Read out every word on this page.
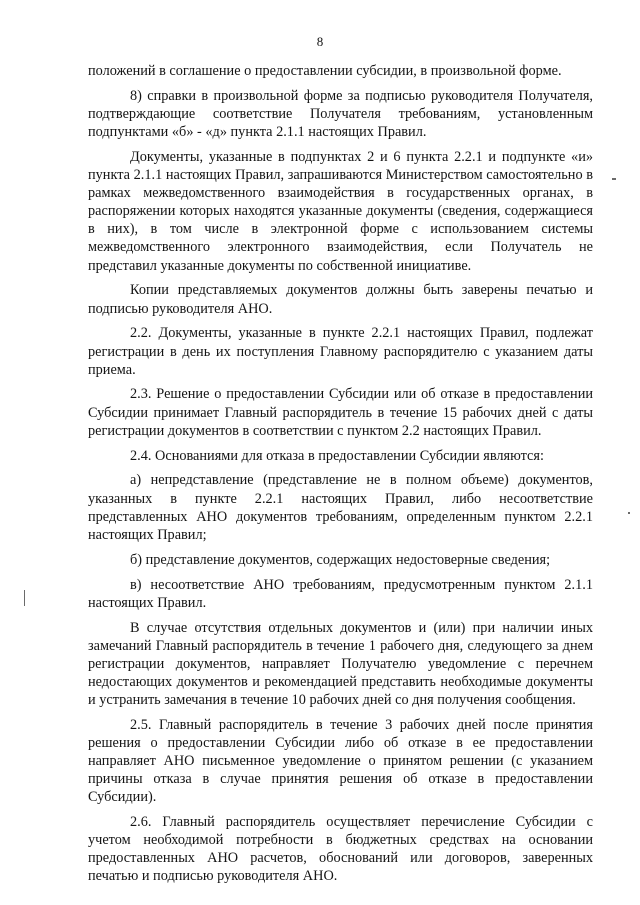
8

положений в соглашение о предоставлении субсидии, в произвольной форме.

8) справки в произвольной форме за подписью руководителя Получателя, подтверждающие соответствие Получателя требованиям, установленным подпунктами «б» - «д» пункта 2.1.1 настоящих Правил.

Документы, указанные в подпунктах 2 и 6 пункта 2.2.1 и подпункте «и» пункта 2.1.1 настоящих Правил, запрашиваются Министерством самостоятельно в рамках межведомственного взаимодействия в государственных органах, в распоряжении которых находятся указанные документы (сведения, содержащиеся в них), в том числе в электронной форме с использованием системы межведомственного электронного взаимодействия, если Получатель не представил указанные документы по собственной инициативе.

Копии представляемых документов должны быть заверены печатью и подписью руководителя АНО.

2.2. Документы, указанные в пункте 2.2.1 настоящих Правил, подлежат регистрации в день их поступления Главному распорядителю с указанием даты приема.

2.3. Решение о предоставлении Субсидии или об отказе в предоставлении Субсидии принимает Главный распорядитель в течение 15 рабочих дней с даты регистрации документов в соответствии с пунктом 2.2 настоящих Правил.

2.4. Основаниями для отказа в предоставлении Субсидии являются:

а) непредставление (представление не в полном объеме) документов, указанных в пункте 2.2.1 настоящих Правил, либо несоответствие представленных АНО документов требованиям, определенным пунктом 2.2.1 настоящих Правил;

б) представление документов, содержащих недостоверные сведения;

в) несоответствие АНО требованиям, предусмотренным пунктом 2.1.1 настоящих Правил.

В случае отсутствия отдельных документов и (или) при наличии иных замечаний Главный распорядитель в течение 1 рабочего дня, следующего за днем регистрации документов, направляет Получателю уведомление с перечнем недостающих документов и рекомендацией представить необходимые документы и устранить замечания в течение 10 рабочих дней со дня получения сообщения.

2.5. Главный распорядитель в течение 3 рабочих дней после принятия решения о предоставлении Субсидии либо об отказе в ее предоставлении направляет АНО письменное уведомление о принятом решении (с указанием причины отказа в случае принятия решения об отказе в предоставлении Субсидии).

2.6. Главный распорядитель осуществляет перечисление Субсидии с учетом необходимой потребности в бюджетных средствах на основании предоставленных АНО расчетов, обоснований или договоров, заверенных печатью и подписью руководителя АНО.
